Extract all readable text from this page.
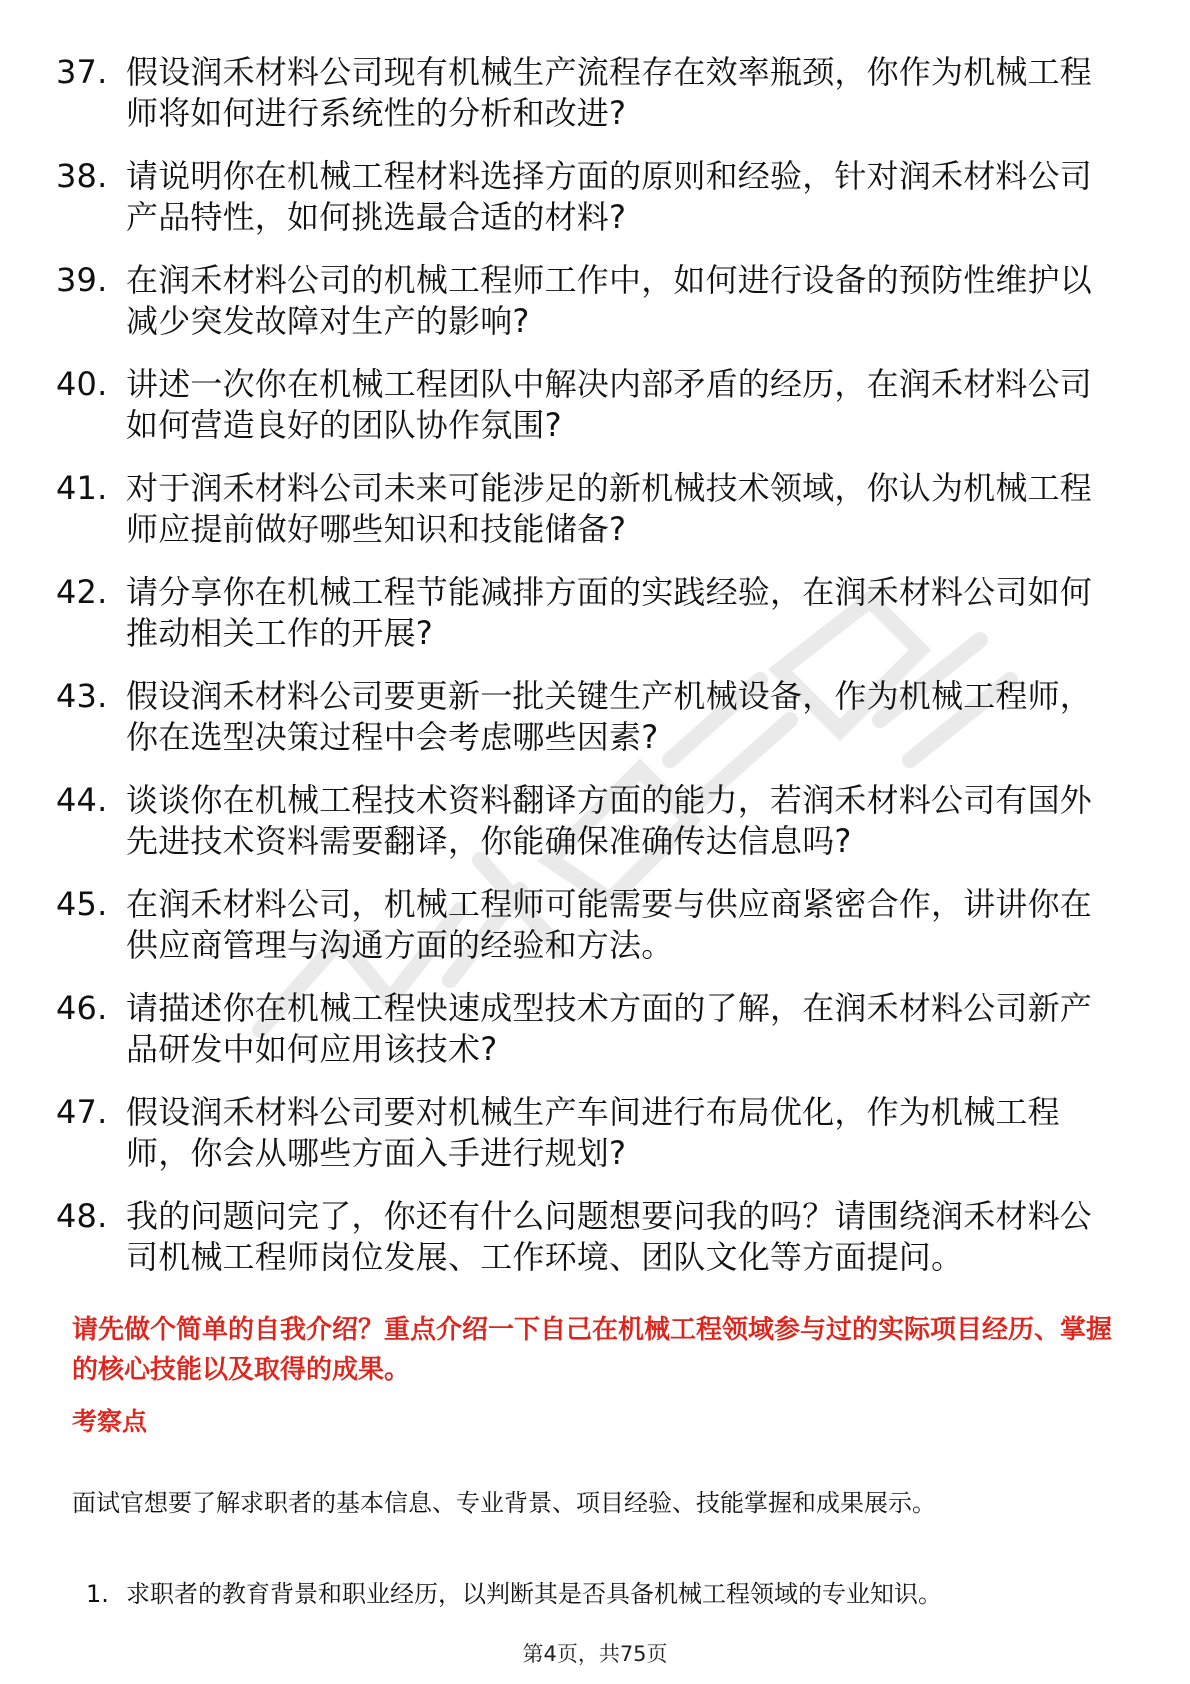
37. 假设润禾材料公司现有机械生产流程存在效率瓶颈，你作为机械工程师将如何进行系统性的分析和改进?
38. 请说明你在机械工程材料选择方面的原则和经验，针对润禾材料公司产品特性，如何挑选最合适的材料?
39. 在润禾材料公司的机械工程师工作中，如何进行设备的预防性维护以减少突发故障对生产的影响?
40. 讲述一次你在机械工程团队中解决内部矛盾的经历，在润禾材料公司如何营造良好的团队协作氛围?
41. 对于润禾材料公司未来可能涉足的新机械技术领域，你认为机械工程师应提前做好哪些知识和技能储备?
42. 请分享你在机械工程节能减排方面的实践经验，在润禾材料公司如何推动相关工作的开展?
43. 假设润禾材料公司要更新一批关键生产机械设备，作为机械工程师，你在选型决策过程中会考虑哪些因素?
44. 谈谈你在机械工程技术资料翻译方面的能力，若润禾材料公司有国外先进技术资料需要翻译，你能确保准确传达信息吗?
45. 在润禾材料公司，机械工程师可能需要与供应商紧密合作，讲讲你在供应商管理与沟通方面的经验和方法。
46. 请描述你在机械工程快速成型技术方面的了解，在润禾材料公司新产品研发中如何应用该技术?
47. 假设润禾材料公司要对机械生产车间进行布局优化，作为机械工程师，你会从哪些方面入手进行规划?
48. 我的问题问完了，你还有什么问题想要问我的吗？请围绕润禾材料公司机械工程师岗位发展、工作环境、团队文化等方面提问。
请先做个简单的自我介绍？重点介绍一下自己在机械工程领域参与过的实际项目经历、掌握的核心技能以及取得的成果。
考察点
面试官想要了解求职者的基本信息、专业背景、项目经验、技能掌握和成果展示。
1. 求职者的教育背景和职业经历，以判断其是否具备机械工程领域的专业知识。
第4页，共75页
